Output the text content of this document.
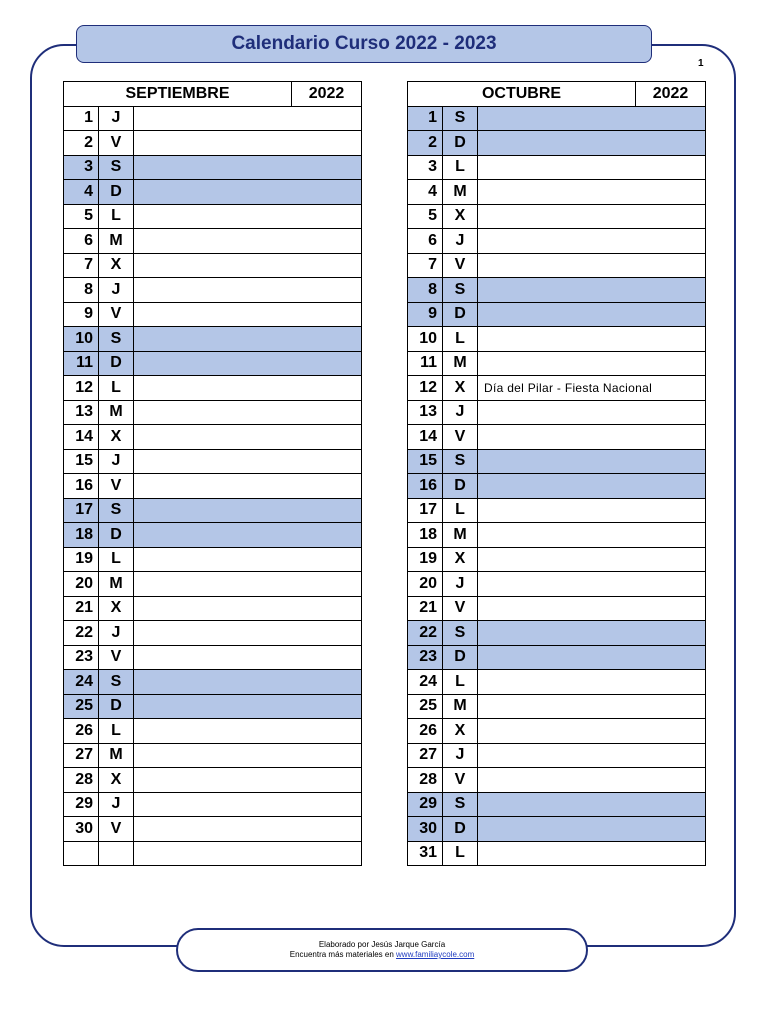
Calendario Curso 2022 - 2023
1
SEPTIEMBRE			2022
1	J		
2	V		
3	S		
4	D		
5	L		
6	M		
7	X		
8	J		
9	V		
10	S		
11	D		
12	L		
13	M		
14	X		
15	J		
16	V		
17	S		
18	D		
19	L		
20	M		
21	X		
22	J		
23	V		
24	S		
25	D		
26	L		
27	M		
28	X		
29	J		
30	V		

OCTUBRE			2022
1	S		
2	D		
3	L		
4	M		
5	X		
6	J		
7	V		
8	S		
9	D		
10	L		
11	M		
12	X	Día del Pilar - Fiesta Nacional	
13	J		
14	V		
15	S		
16	D		
17	L		
18	M		
19	X		
20	J		
21	V		
22	S		
23	D		
24	L		
25	M		
26	X		
27	J		
28	V		
29	S		
30	D		
31	L		
Elaborado por Jesús Jarque García
Encuentra más materiales en www.familiaycole.com
